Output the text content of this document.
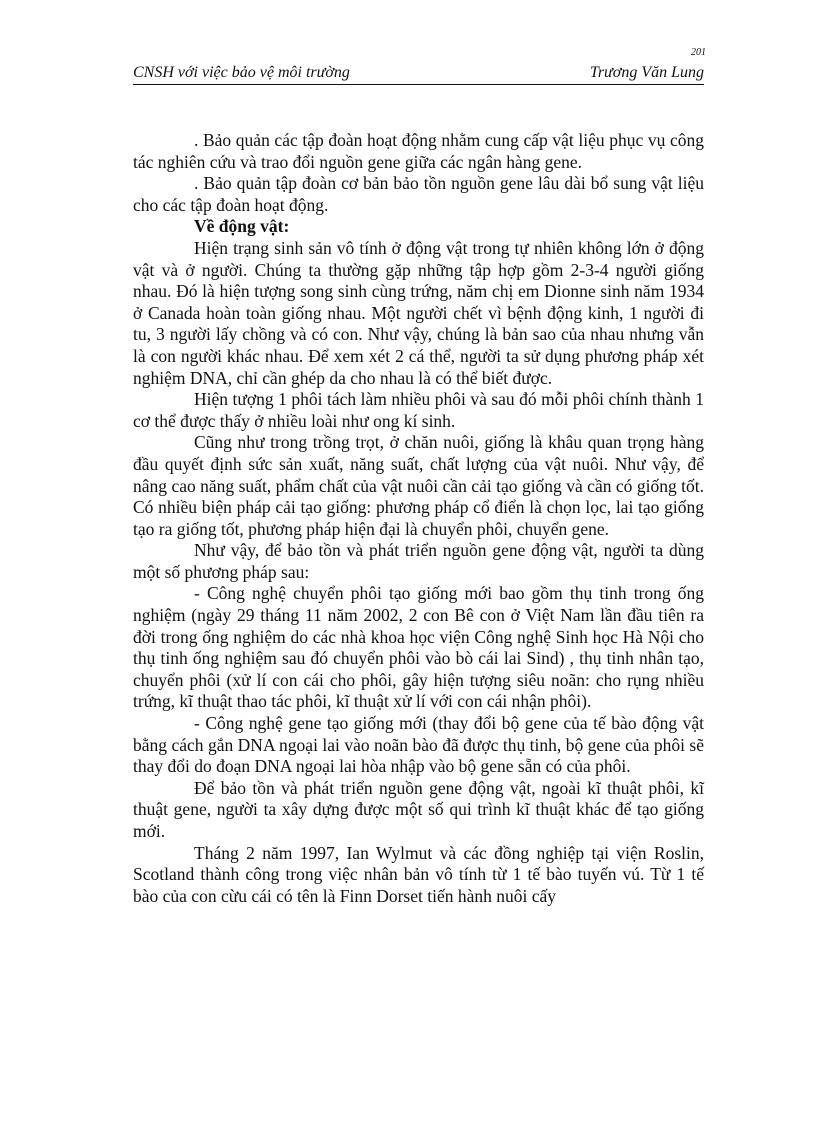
201
CNSH với việc bảo vệ môi trường	Trương Văn Lung

. Bảo quản các tập đoàn hoạt động nhằm cung cấp vật liệu phục vụ công tác nghiên cứu và trao đổi nguồn gene giữa các ngân hàng gene.

. Bảo quản tập đoàn cơ bản bảo tồn nguồn gene lâu dài bổ sung vật liệu cho các tập đoàn hoạt động.

Về động vật:

Hiện trạng sinh sản vô tính ở động vật trong tự nhiên không lớn ở động vật và ở người. Chúng ta thường gặp những tập hợp gồm 2-3-4 người giống nhau. Đó là hiện tượng song sinh cùng trứng, năm chị em Dionne sinh năm 1934 ở Canada hoàn toàn giống nhau. Một người chết vì bệnh động kinh, 1 người đi tu, 3 người lấy chồng và có con. Như vậy, chúng là bản sao của nhau nhưng vẫn là con người khác nhau. Để xem xét 2 cá thể, người ta sử dụng phương pháp xét nghiệm DNA, chỉ cần ghép da cho nhau là có thể biết được.

Hiện tượng 1 phôi tách làm nhiều phôi và sau đó mỗi phôi chính thành 1 cơ thể được thấy ở nhiều loài như ong kí sinh.

Cũng như trong trồng trọt, ở chăn nuôi, giống là khâu quan trọng hàng đầu quyết định sức sản xuất, năng suất, chất lượng của vật nuôi. Như vậy, để nâng cao năng suất, phẩm chất của vật nuôi cần cải tạo giống và cần có giống tốt. Có nhiều biện pháp cải tạo giống: phương pháp cổ điển là chọn lọc, lai tạo giống tạo ra giống tốt, phương pháp hiện đại là chuyển phôi, chuyển gene.

Như vậy, để bảo tồn và phát triển nguồn gene động vật, người ta dùng một số phương pháp sau:

- Công nghệ chuyển phôi tạo giống mới bao gồm thụ tinh trong ống nghiệm (ngày 29 tháng 11 năm 2002, 2 con Bê con ở Việt Nam lần đầu tiên ra đời trong ống nghiệm do các nhà khoa học viện Công nghệ Sinh học Hà Nội cho thụ tinh ống nghiệm sau đó chuyển phôi vào bò cái lai Sind) , thụ tinh nhân tạo, chuyển phôi (xử lí con cái cho phôi, gây hiện tượng siêu noãn: cho rụng nhiều trứng, kĩ thuật thao tác phôi, kĩ thuật xử lí với con cái nhận phôi).

- Công nghệ gene tạo giống mới (thay đổi bộ gene của tế bào động vật bằng cách gắn DNA ngoại lai vào noãn bào đã được thụ tinh, bộ gene của phôi sẽ thay đổi do đoạn DNA ngoại lai hòa nhập vào bộ gene sẵn có của phôi.

Để bảo tồn và phát triển nguồn gene động vật, ngoài kĩ thuật phôi, kĩ thuật gene, người ta xây dựng được một số qui trình kĩ thuật khác để tạo giống mới.

Tháng 2 năm 1997, Ian Wylmut và các đồng nghiệp tại viện Roslin, Scotland thành công trong việc nhân bản vô tính từ 1 tế bào tuyến vú. Từ 1 tế bào của con cừu cái có tên là Finn Dorset tiến hành nuôi cấy
